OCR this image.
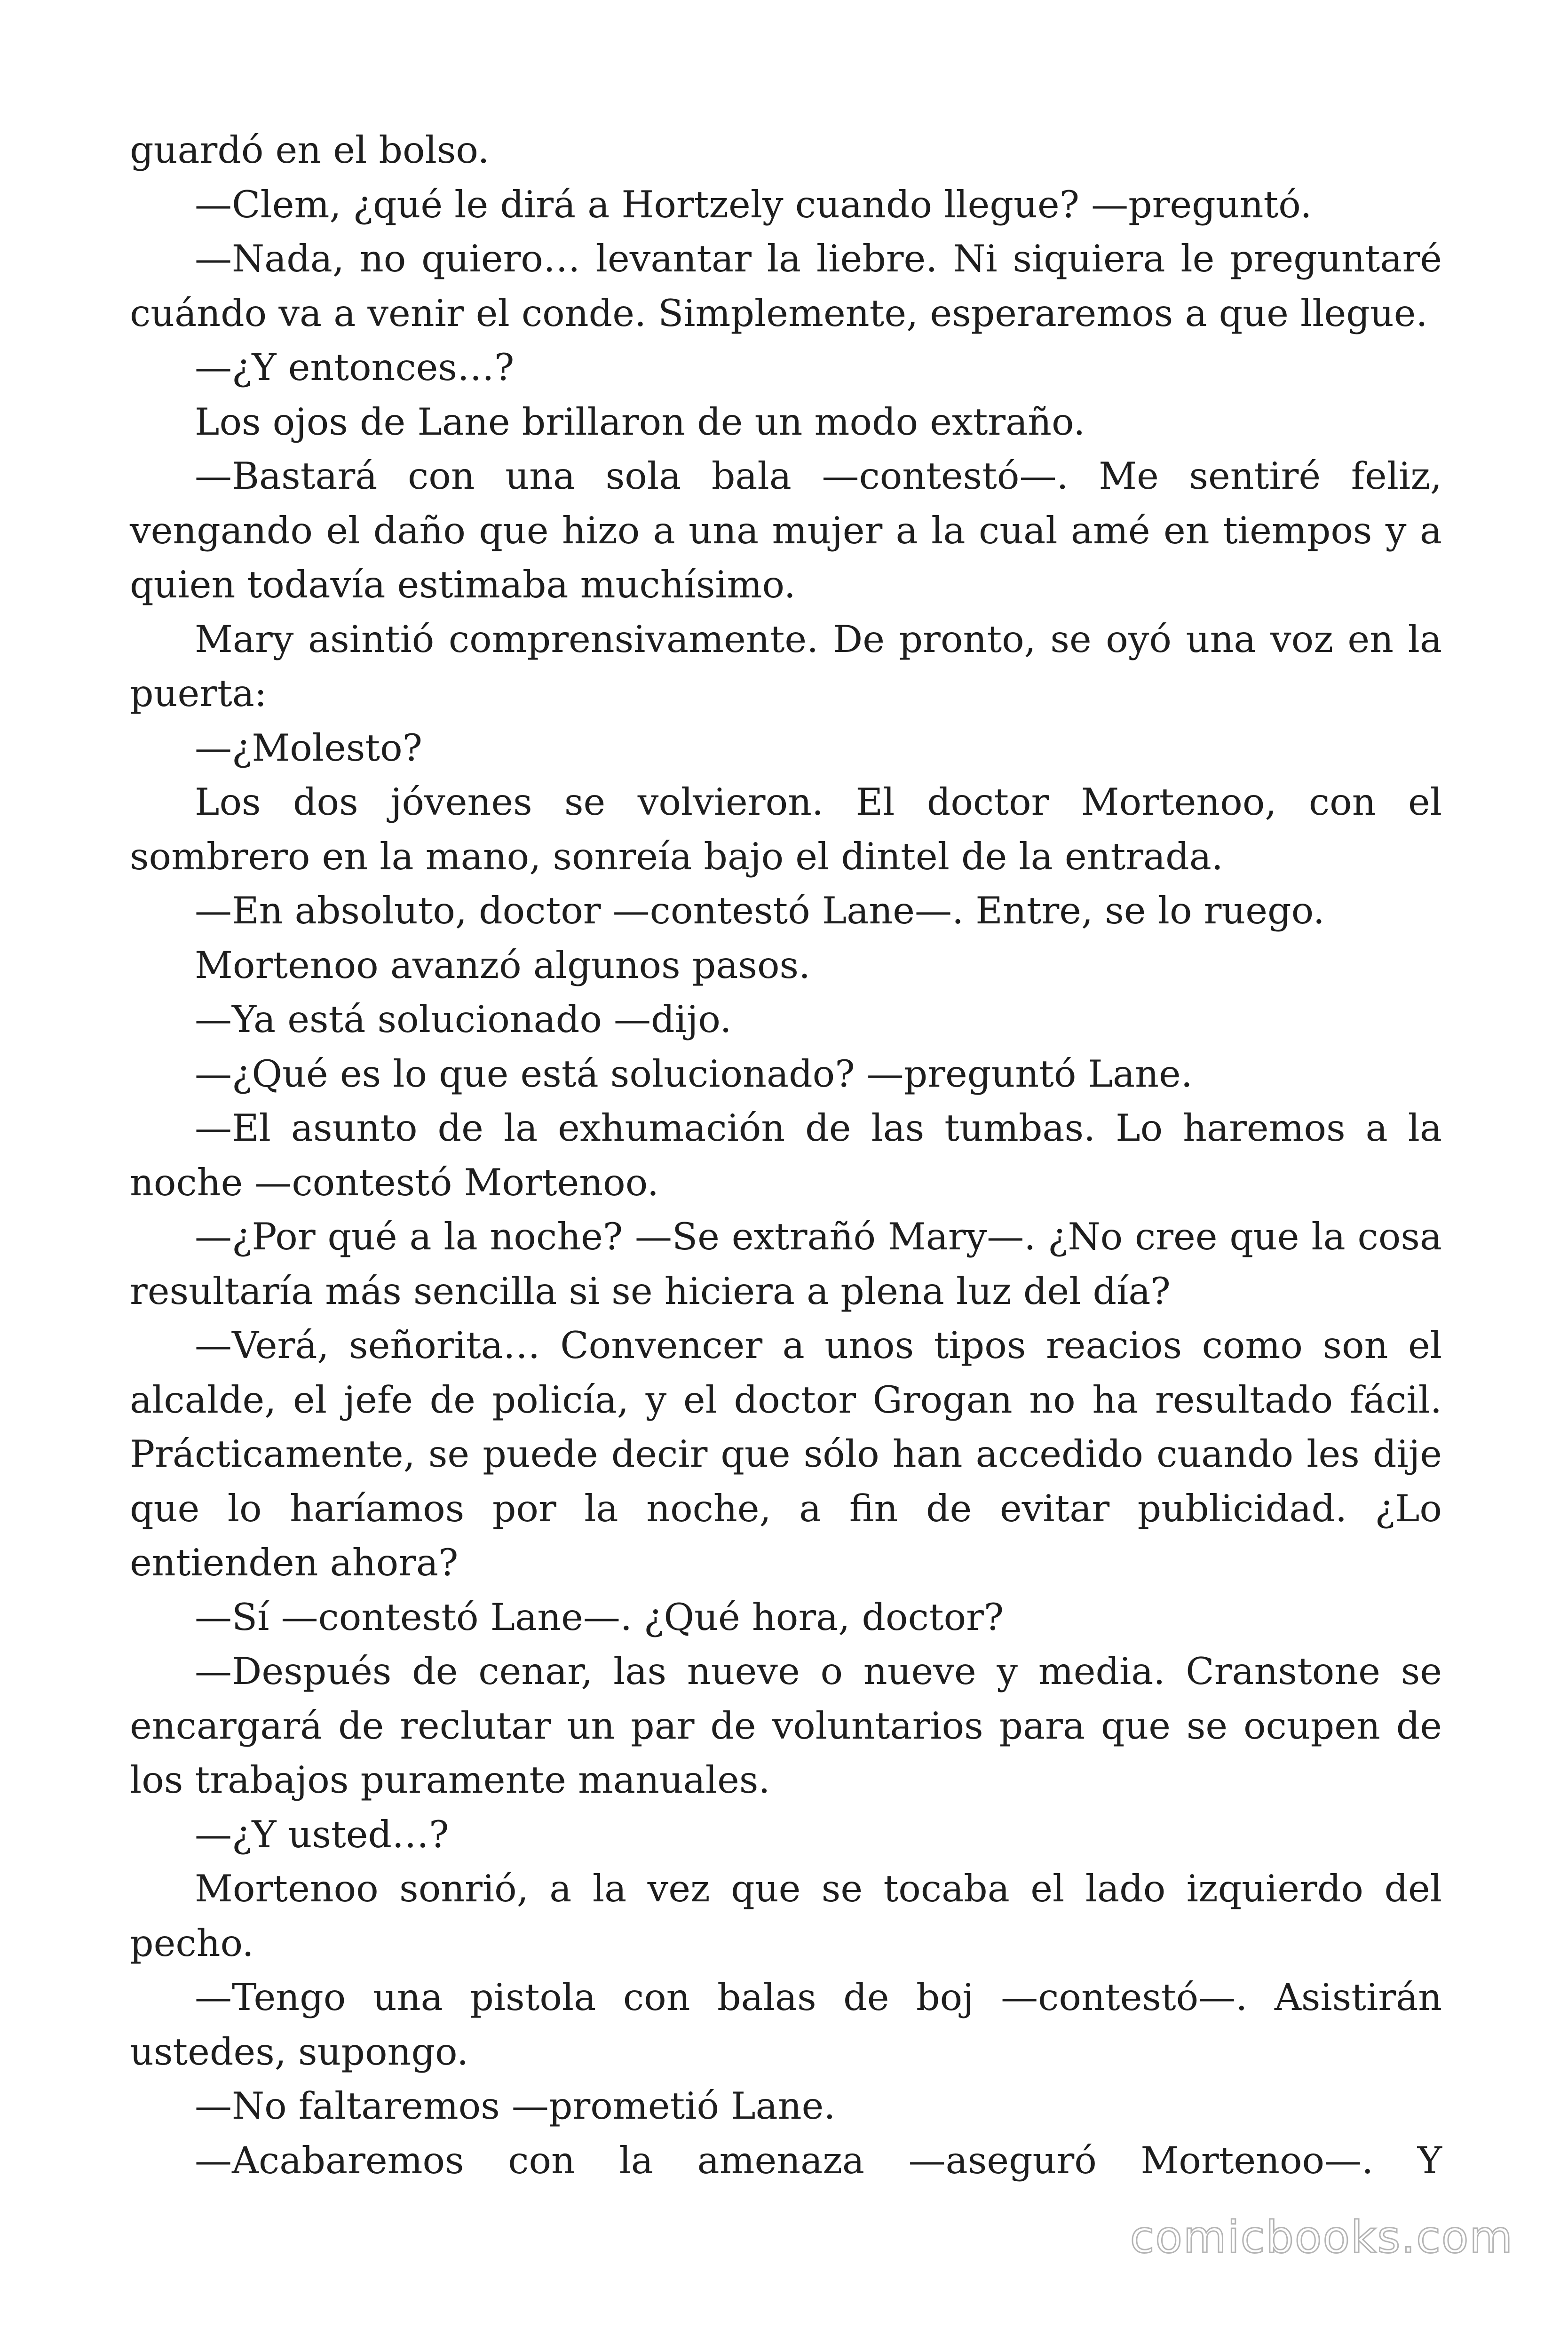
guardó en el bolso.

—Clem, ¿qué le dirá a Hortzely cuando llegue? —preguntó.

—Nada, no quiero… levantar la liebre. Ni siquiera le preguntaré cuándo va a venir el conde. Simplemente, esperaremos a que llegue.

—¿Y entonces…?

Los ojos de Lane brillaron de un modo extraño.

—Bastará con una sola bala —contestó—. Me sentiré feliz, vengando el daño que hizo a una mujer a la cual amé en tiempos y a quien todavía estimaba muchísimo.

Mary asintió comprensivamente. De pronto, se oyó una voz en la puerta:

—¿Molesto?

Los dos jóvenes se volvieron. El doctor Mortenoo, con el sombrero en la mano, sonreía bajo el dintel de la entrada.

—En absoluto, doctor —contestó Lane—. Entre, se lo ruego.

Mortenoo avanzó algunos pasos.

—Ya está solucionado —dijo.

—¿Qué es lo que está solucionado? —preguntó Lane.

—El asunto de la exhumación de las tumbas. Lo haremos a la noche —contestó Mortenoo.

—¿Por qué a la noche? —Se extrañó Mary—. ¿No cree que la cosa resultaría más sencilla si se hiciera a plena luz del día?

—Verá, señorita… Convencer a unos tipos reacios como son el alcalde, el jefe de policía, y el doctor Grogan no ha resultado fácil. Prácticamente, se puede decir que sólo han accedido cuando les dije que lo haríamos por la noche, a fin de evitar publicidad. ¿Lo entienden ahora?

—Sí —contestó Lane—. ¿Qué hora, doctor?

—Después de cenar, las nueve o nueve y media. Cranstone se encargará de reclutar un par de voluntarios para que se ocupen de los trabajos puramente manuales.

—¿Y usted…?

Mortenoo sonrió, a la vez que se tocaba el lado izquierdo del pecho.

—Tengo una pistola con balas de boj —contestó—. Asistirán ustedes, supongo.

—No faltaremos —prometió Lane.

—Acabaremos con la amenaza —aseguró Mortenoo—. Y

comicbooks.com
